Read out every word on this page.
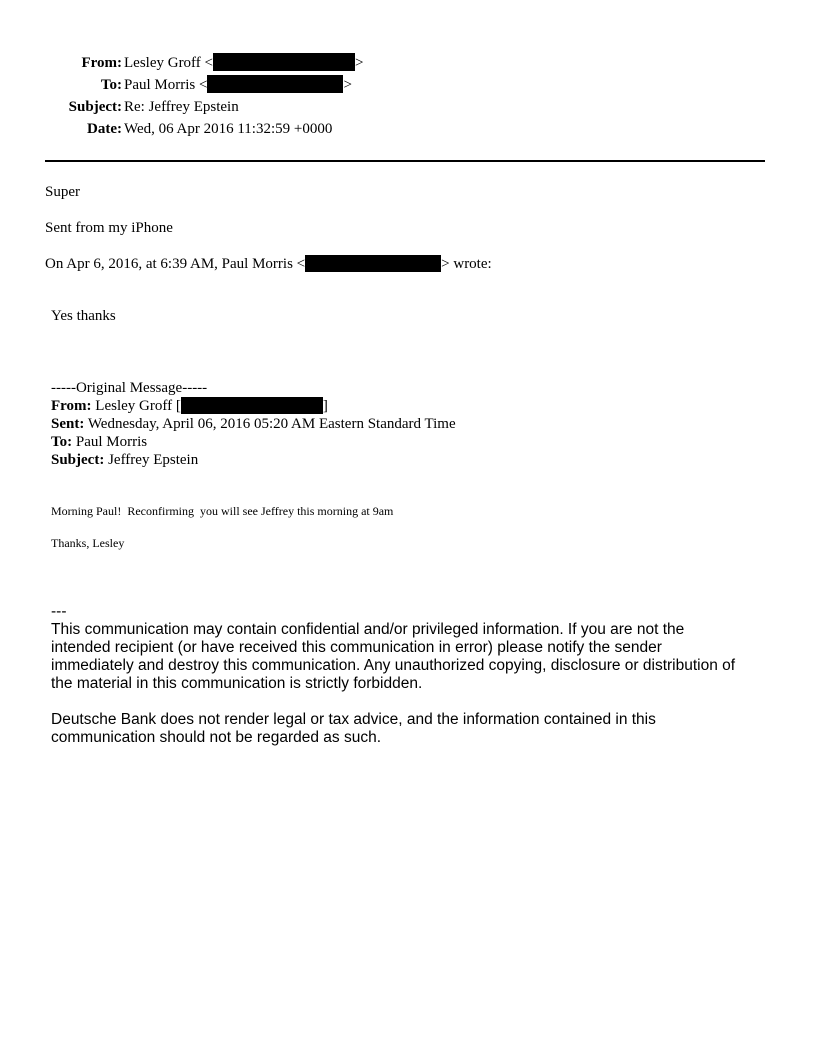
From: Lesley Groff <	>
To: Paul Morris <	>
Subject: Re: Jeffrey Epstein
Date: Wed, 06 Apr 2016 11:32:59 +0000
Super
Sent from my iPhone
On Apr 6, 2016, at 6:39 AM, Paul Morris <	> wrote:
Yes thanks
-----Original Message-----
From: Lesley Groff [	]
Sent: Wednesday, April 06, 2016 05:20 AM Eastern Standard Time
To: Paul Morris
Subject: Jeffrey Epstein
Morning Paul!  Reconfirming  you will see Jeffrey this morning at 9am
Thanks, Lesley
---
This communication may contain confidential and/or privileged information. If you are not the
intended recipient (or have received this communication in error) please notify the sender
immediately and destroy this communication. Any unauthorized copying, disclosure or distribution of
the material in this communication is strictly forbidden.
Deutsche Bank does not render legal or tax advice, and the information contained in this
communication should not be regarded as such.
